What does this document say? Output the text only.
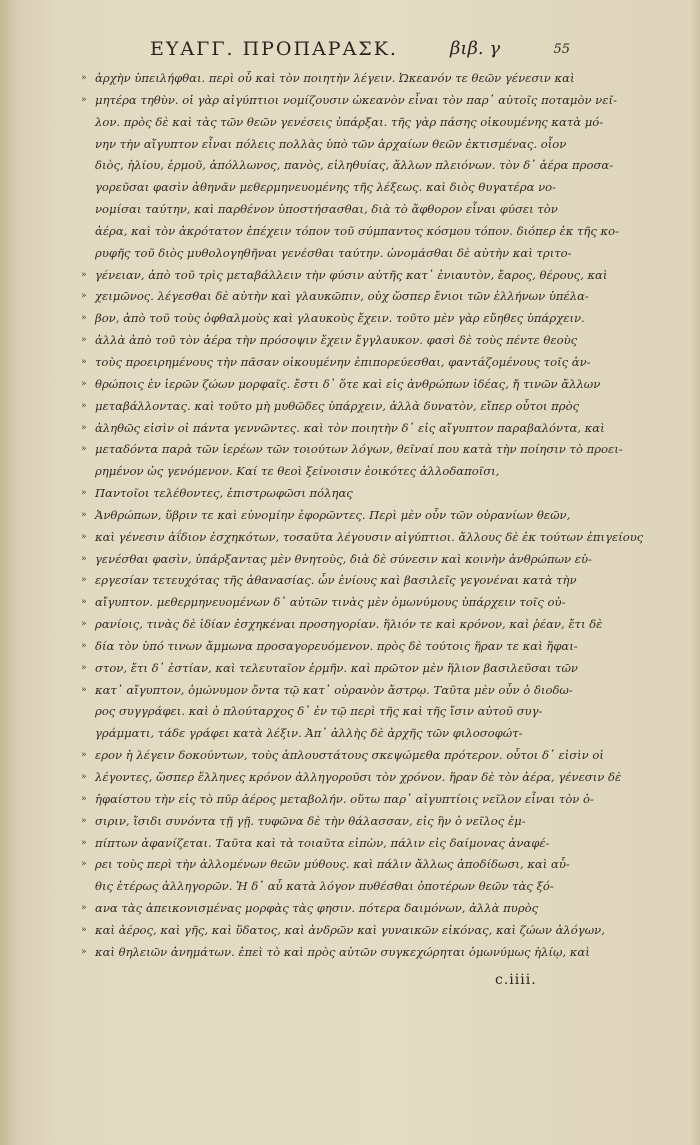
ΕΥΑΓΓ. ΠΡΟΠΑΡΑΣΚ.	βιβ. γ	55
» ἀρχὴν ὑπειλήφθαι. περὶ οὗ καὶ τὸν ποιητὴν λέγειν. Ὠκεανόν τε θεῶν γένεσιν καὶ
» μητέρα τηθὺν. οἱ γὰρ αἰγύπτιοι νομίζουσιν ὠκεανὸν εἶναι τὸν παρ᾽ αὐτοῖς ποταμὸν νεῖ-
λον. πρὸς δὲ καὶ τὰς τῶν θεῶν γενέσεις ὑπάρξαι. τῆς γὰρ πάσης οἰκουμένης κατὰ μό-
νην τὴν αἴγυπτον εἶναι πόλεις πολλὰς ὑπὸ τῶν ἀρχαίων θεῶν ἐκτισμένας. οἷον
διὸς, ἡλίου, ἑρμοῦ, ἀπόλλωνος, πανὸς, εἰληθυίας, ἄλλων πλειόνων. τὸν δ᾽ ἀέρα προσα-
γορεῦσαι φασὶν ἀθηνᾶν μεθερμηνευομένης τῆς λέξεως. καὶ διὸς θυγατέρα νο-
νομίσαι ταύτην, καὶ παρθένον ὑποστήσασθαι, διὰ τὸ ἄφθορον εἶναι φύσει τὸν
ἀέρα, καὶ τὸν ἀκρότατον ἐπέχειν τόπον τοῦ σύμπαντος κόσμου τόπον. διόπερ ἐκ τῆς κο-
ρυφῆς τοῦ διὸς μυθολογηθῆναι γενέσθαι ταύτην. ὠνομάσθαι δὲ αὐτὴν καὶ τριτο-
» γένειαν, ἀπὸ τοῦ τρὶς μεταβάλλειν τὴν φύσιν αὐτῆς κατ᾽ ἐνιαυτὸν, ἔαρος, θέρους, καὶ
» χειμῶνος. λέγεσθαι δὲ αὐτὴν καὶ γλαυκῶπιν, οὐχ ὥσπερ ἔνιοι τῶν ἑλλήνων ὑπέλα-
» βον, ἀπὸ τοῦ τοὺς ὀφθαλμοὺς καὶ γλαυκοὺς ἔχειν. τοῦτο μὲν γὰρ εὔηθες ὑπάρχειν.
» ἀλλὰ ἀπὸ τοῦ τὸν ἀέρα τὴν πρόσοψιν ἔχειν ἔγγλαυκον. φασὶ δὲ τοὺς πέντε θεοὺς
» τοὺς προειρημένους τὴν πᾶσαν οἰκουμένην ἐπιπορεύεσθαι, φαντάζομένους τοῖς ἀν-
» θρώποις ἐν ἱερῶν ζώων μορφαῖς. ἔστι δ᾽ ὅτε καὶ εἰς ἀνθρώπων ἰδέας, ἤ τινῶν ἄλλων
» μεταβάλλοντας. καὶ τοῦτο μὴ μυθῶδες ὑπάρχειν, ἀλλὰ δυνατὸν, εἴπερ οὗτοι πρὸς
» ἀληθῶς εἰσὶν οἱ πάντα γεννῶντες. καὶ τὸν ποιητὴν δ᾽ εἰς αἴγυπτον παραβαλόντα, καὶ
» μεταδόντα παρὰ τῶν ἱερέων τῶν τοιούτων λόγων, θεῖναί που κατὰ τὴν ποίησιν τὸ προει-
ρημένον ὡς γενόμενον. Καί τε θεοὶ ξείνοισιν ἐοικότες ἀλλοδαποῖσι,
» Παντοῖοι τελέθοντες, ἐπιστρωφῶσι πόληας
» Ἀνθρώπων, ὕβριν τε καὶ εὐνομίην ἐφορῶντες. Περὶ μὲν οὖν τῶν οὐρανίων θεῶν,
» καὶ γένεσιν ἀΐδιον ἐσχηκότων, τοσαῦτα λέγουσιν αἰγύπτιοι. ἄλλους δὲ ἐκ τούτων ἐπιγείους
» γενέσθαι φασὶν, ὑπάρξαντας μὲν θνητοὺς, διὰ δὲ σύνεσιν καὶ κοινὴν ἀνθρώπων εὐ-
» εργεσίαν τετευχότας τῆς ἀθανασίας. ὧν ἐνίους καὶ βασιλεῖς γεγονέναι κατὰ τὴν
» αἴγυπτον. μεθερμηνευομένων δ᾽ αὐτῶν τινὰς μὲν ὁμωνύμους ὑπάρχειν τοῖς οὐ-
» ρανίοις, τινὰς δὲ ἰδίαν ἐσχηκέναι προσηγορίαν. ἥλιόν τε καὶ κρόνον, καὶ ῥέαν, ἔτι δὲ
» δία τὸν ὑπό τινων ἄμμωνα προσαγορευόμενον. πρὸς δὲ τούτοις ἥραν τε καὶ ἥφαι-
» στον, ἔτι δ᾽ ἑστίαν, καὶ τελευταῖον ἑρμῆν. καὶ πρῶτον μὲν ἥλιον βασιλεῦσαι τῶν
» κατ᾽ αἴγυπτον, ὁμώνυμον ὄντα τῷ κατ᾽ οὐρανὸν ἄστρῳ. Ταῦτα μὲν οὖν ὁ διοδω-
ρος συγγράφει. καὶ ὁ πλούταρχος δ᾽ ἐν τῷ περὶ τῆς καὶ τῆς ἴσιν αὐτοῦ συγ-
γράμματι, τάδε γράφει κατὰ λέξιν. Ἀπ᾽ ἀλλὴς δὲ ἀρχῆς τῶν φιλοσοφώτ-
» ερον ἡ λέγειν δοκούντων, τοὺς ἁπλουστάτους σκεψώμεθα πρότερον. οὗτοι δ᾽ εἰσὶν οἱ
» λέγοντες, ὥσπερ ἕλληνες κρόνον ἀλληγοροῦσι τὸν χρόνον. ἥραν δὲ τὸν ἀέρα, γένεσιν δὲ
» ἡφαίστου τὴν εἰς τὸ πῦρ ἀέρος μεταβολήν. οὕτω παρ᾽ αἰγυπτίοις νεῖλον εἶναι τὸν ὀ-
» σιριν, ἴσιδι συνόντα τῇ γῇ. τυφῶνα δὲ τὴν θάλασσαν, εἰς ἣν ὁ νεῖλος ἐμ-
» πίπτων ἀφανίζεται. Ταῦτα καὶ τὰ τοιαῦτα εἰπὼν, πάλιν εἰς δαίμονας ἀναφέ-
» ρει τοὺς περὶ τὴν ἀλλομένων θεῶν μύθους. καὶ πάλιν ἄλλως ἀποδίδωσι, καὶ αὖ-
θις ἑτέρως ἀλληγορῶν. Ἡ δ᾽ αὖ κατὰ λόγον πυθέσθαι ὁποτέρων θεῶν τὰς ξό-
» ανα τὰς ἀπεικονισμένας μορφὰς τὰς φησιν. πότερα δαιμόνων, ἀλλὰ πυρὸς
» καὶ ἀέρος, καὶ γῆς, καὶ ὕδατος, καὶ ἀνδρῶν καὶ γυναικῶν εἰκόνας, καὶ ζώων ἀλόγων,
» καὶ θηλειῶν ἀνημάτων. ἐπεὶ τὸ καὶ πρὸς αὐτῶν συγκεχώρηται ὁμωνύμως ἡλίῳ, καὶ
c.iiii.
